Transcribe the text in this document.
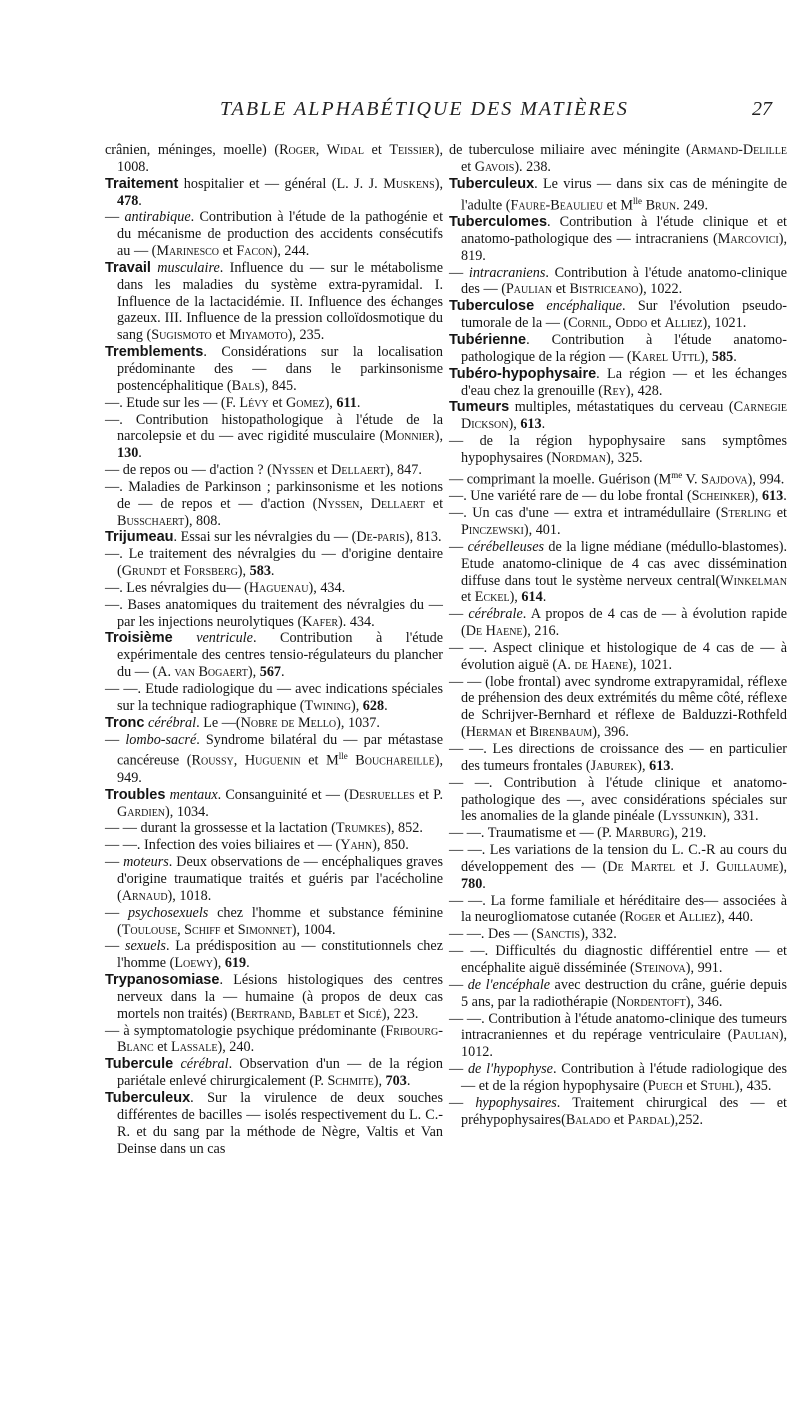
TABLE ALPHABÉTIQUE DES MATIÈRES	27

crânien, méninges, moelle) (Roger, Widal et Teissier), 1008.

Traitement hospitalier et — général (L. J. J. Muskens), 478.

— antirabique. Contribution à l'étude de la pathogénie et du mécanisme de production des accidents consécutifs au — (Marinesco et Facon), 244.

Travail musculaire. Influence du — sur le métabolisme dans les maladies du système extra-pyramidal. I. Influence de la lactacidémie. II. Influence des échanges gazeux. III. Influence de la pression colloïdosmotique du sang (Sugismoto et Miyamoto), 235.

Tremblements. Considérations sur la localisation prédominante des — dans le parkinsonisme postencéphalitique (Bals), 845.

—. Etude sur les — (F. Lévy et Gomez), 611.

—. Contribution histopathologique à l'étude de la narcolepsie et du — avec rigidité musculaire (Monnier), 130.

— de repos ou — d'action ? (Nyssen et Dellaert), 847.

—. Maladies de Parkinson ; parkinsonisme et les notions de — de repos et — d'action (Nyssen, Dellaert et Busschaert), 808.

Trijumeau. Essai sur les névralgies du — (De-paris), 813.

—. Le traitement des névralgies du — d'origine dentaire (Grundt et Forsberg), 583.

—. Les névralgies du— (Haguenau), 434.

—. Bases anatomiques du traitement des névralgies du — par les injections neurolytiques (Kafer). 434.

Troisième ventricule. Contribution à l'étude expérimentale des centres tensio-régulateurs du plancher du — (A. van Bogaert), 567.

— —. Etude radiologique du — avec indications spéciales sur la technique radiographique (Twining), 628.

Tronc cérébral. Le —(Nobre de Mello), 1037.

— lombo-sacré. Syndrome bilatéral du — par métastase cancéreuse (Roussy, Huguenin et $M^{lle}$ Bouchareille), 949.

Troubles mentaux. Consanguinité et — (Desruelles et P. Gardien), 1034.

— — durant la grossesse et la lactation (Trumkes), 852.

— —. Infection des voies biliaires et — (Yahn), 850.

— moteurs. Deux observations de — encéphaliques graves d'origine traumatique traités et guéris par l'acécholine (Arnaud), 1018.

— psychosexuels chez l'homme et substance féminine (Toulouse, Schiff et Simonnet), 1004.

— sexuels. La prédisposition au — constitutionnels chez l'homme (Loewy), 619.

Trypanosomiase. Lésions histologiques des centres nerveux dans la — humaine (à propos de deux cas mortels non traités) (Bertrand, Bablet et Sicé), 223.

— à symptomatologie psychique prédominante (Fribourg-Blanc et Lassale), 240.

Tubercule cérébral. Observation d'un — de la région pariétale enlevé chirurgicalement (P. Schmite), 703.

Tuberculeux. Sur la virulence de deux souches différentes de bacilles — isolés respectivement du L. C.-R. et du sang par la méthode de Nègre, Valtis et Van Deinse dans un cas

de tuberculose miliaire avec méningite (Armand-Delille et Gavois). 238.

Tuberculeux. Le virus — dans six cas de méningite de l'adulte (Faure-Beaulieu et $M^{lle}$ Brun. 249.

Tuberculomes. Contribution à l'étude clinique et et anatomo-pathologique des — intracraniens (Marcovici), 819.

— intracraniens. Contribution à l'étude anatomo-clinique des — (Paulian et Bistriceano), 1022.

Tuberculose encéphalique. Sur l'évolution pseudo-tumorale de la — (Cornil, Oddo et Alliez), 1021.

Tubérienne. Contribution à l'étude anatomo-pathologique de la région — (Karel Uttl), 585.

Tubéro-hypophysaire. La région — et les échanges d'eau chez la grenouille (Rey), 428.

Tumeurs multiples, métastatiques du cerveau (Carnegie Dickson), 613.

— de la région hypophysaire sans symptômes hypophysaires (Nordman), 325.

— comprimant la moelle. Guérison ($M^{me}$ V. Sajdova), 994.

—. Une variété rare de — du lobe frontal (Scheinker), 613.

—. Un cas d'une — extra et intramédullaire (Sterling et Pinczewski), 401.

— cérébelleuses de la ligne médiane (médullo-blastomes). Etude anatomo-clinique de 4 cas avec dissémination diffuse dans tout le système nerveux central(Winkelman et Eckel), 614.

— cérébrale. A propos de 4 cas de — à évolution rapide (De Haene), 216.

— —. Aspect clinique et histologique de 4 cas de — à évolution aiguë (A. de Haene), 1021.

— — (lobe frontal) avec syndrome extrapyramidal, réflexe de préhension des deux extrémités du même côté, réflexe de Schrijver-Bernhard et réflexe de Balduzzi-Rothfeld (Herman et Birenbaum), 396.

— —. Les directions de croissance des — en particulier des tumeurs frontales (Jaburek), 613.

— —. Contribution à l'étude clinique et anatomo-pathologique des —, avec considérations spéciales sur les anomalies de la glande pinéale (Lyssunkin), 331.

— —. Traumatisme et — (P. Marburg), 219.

— —. Les variations de la tension du L. C.-R au cours du développement des — (De Martel et J. Guillaume), 780.

— —. La forme familiale et héréditaire des— associées à la neurogliomatose cutanée (Roger et Alliez), 440.

— —. Des — (Sanctis), 332.

— —. Difficultés du diagnostic différentiel entre — et encéphalite aiguë disséminée (Steinova), 991.

— de l'encéphale avec destruction du crâne, guérie depuis 5 ans, par la radiothérapie (Nordentoft), 346.

— —. Contribution à l'étude anatomo-clinique des tumeurs intracraniennes et du repérage ventriculaire (Paulian), 1012.

— de l'hypophyse. Contribution à l'étude radiologique des — et de la région hypophysaire (Puech et Stuhl), 435.

— hypophysaires. Traitement chirurgical des — et préhypophysaires(Balado et Pardal),252.
